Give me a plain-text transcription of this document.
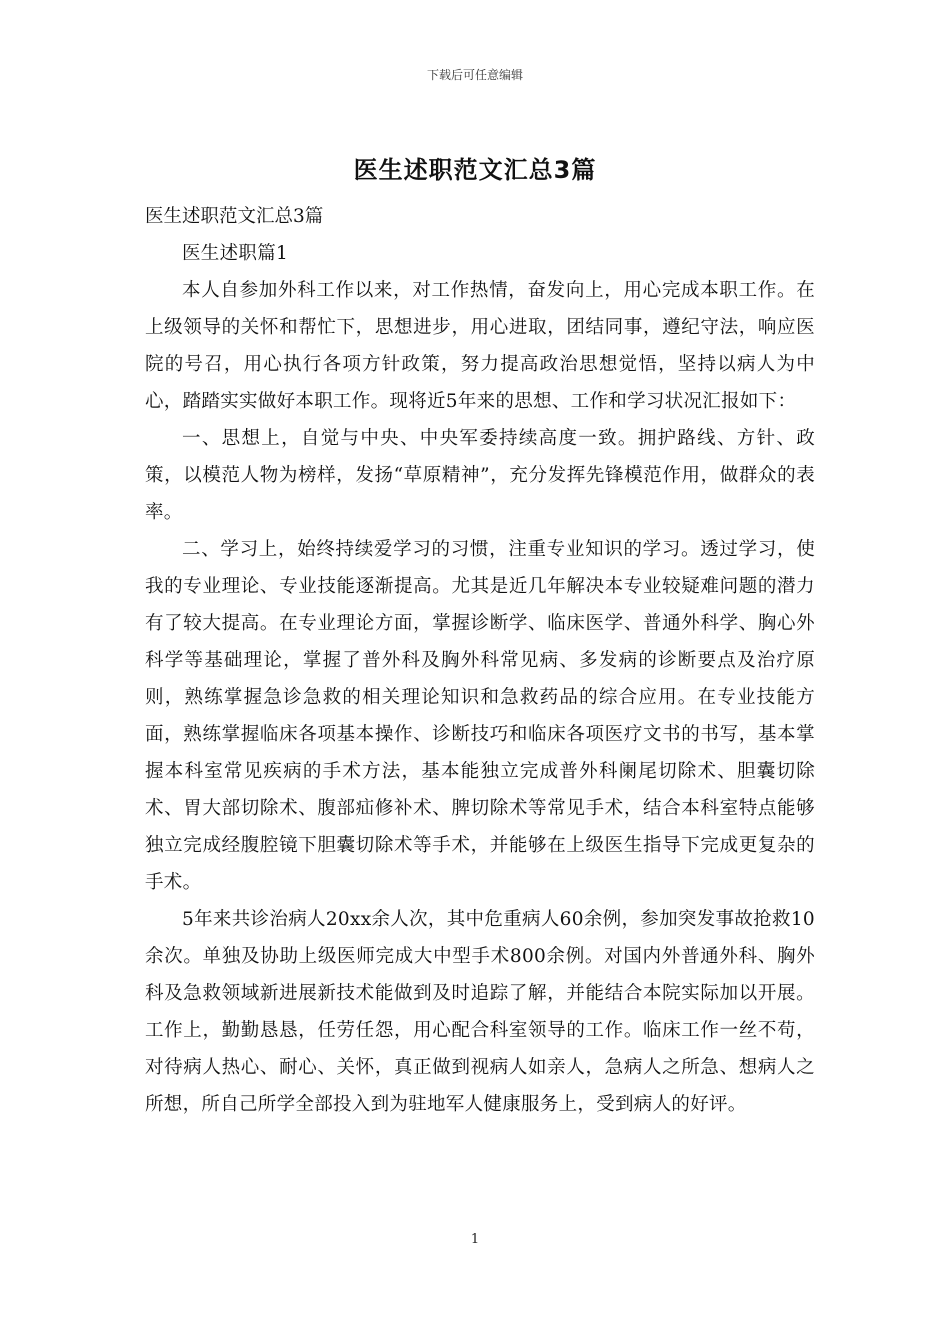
下载后可任意编辑
医生述职范文汇总3篇

医生述职范文汇总3篇

医生述职篇1

本人自参加外科工作以来，对工作热情，奋发向上，用心完成本职工作。在上级领导的关怀和帮忙下，思想进步，用心进取，团结同事，遵纪守法，响应医院的号召，用心执行各项方针政策，努力提高政治思想觉悟，坚持以病人为中心，踏踏实实做好本职工作。现将近5年来的思想、工作和学习状况汇报如下：

一、思想上，自觉与中央、中央军委持续高度一致。拥护路线、方针、政策，以模范人物为榜样，发扬“草原精神”，充分发挥先锋模范作用，做群众的表率。

二、学习上，始终持续爱学习的习惯，注重专业知识的学习。透过学习，使我的专业理论、专业技能逐渐提高。尤其是近几年解决本专业较疑难问题的潜力有了较大提高。在专业理论方面，掌握诊断学、临床医学、普通外科学、胸心外科学等基础理论，掌握了普外科及胸外科常见病、多发病的诊断要点及治疗原则，熟练掌握急诊急救的相关理论知识和急救药品的综合应用。在专业技能方面，熟练掌握临床各项基本操作、诊断技巧和临床各项医疗文书的书写，基本掌握本科室常见疾病的手术方法，基本能独立完成普外科阑尾切除术、胆囊切除术、胃大部切除术、腹部疝修补术、脾切除术等常见手术，结合本科室特点能够独立完成经腹腔镜下胆囊切除术等手术，并能够在上级医生指导下完成更复杂的手术。

5年来共诊治病人20xx余人次，其中危重病人60余例，参加突发事故抢救10余次。单独及协助上级医师完成大中型手术800余例。对国内外普通外科、胸外科及急救领域新进展新技术能做到及时追踪了解，并能结合本院实际加以开展。工作上，勤勤恳恳，任劳任怨，用心配合科室领导的工作。临床工作一丝不苟，对待病人热心、耐心、关怀，真正做到视病人如亲人，急病人之所急、想病人之所想，所自己所学全部投入到为驻地军人健康服务上，受到病人的好评。

1
